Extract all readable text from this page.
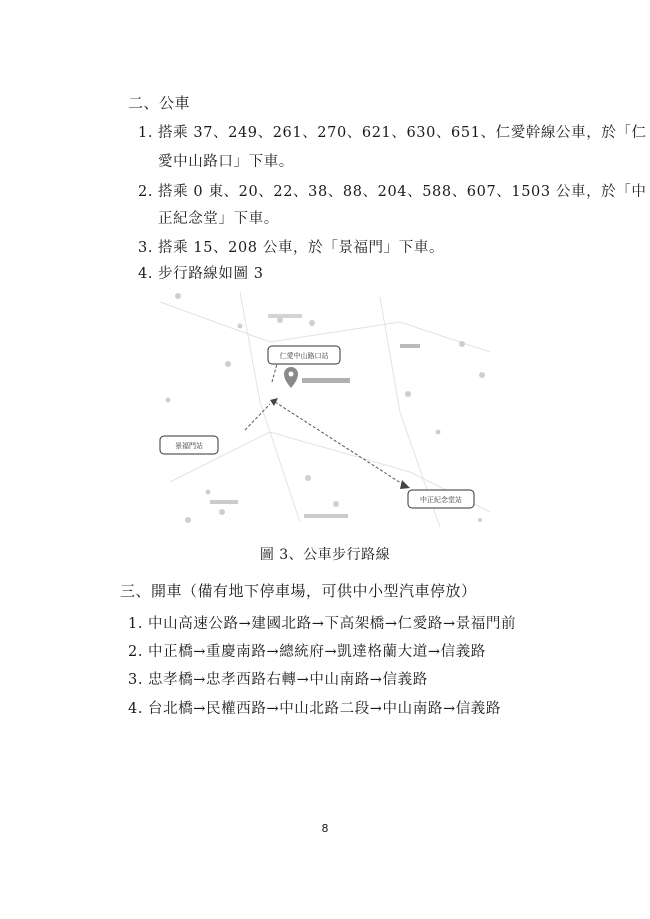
二、公車
1. 搭乘 37、249、261、270、621、630、651、仁愛幹線公車，於「仁
愛中山路口」下車。
2. 搭乘 0 東、20、22、38、88、204、588、607、1503 公車，於「中
正紀念堂」下車。
3. 搭乘 15、208 公車，於「景福門」下車。
4. 步行路線如圖 3
仁愛中山路口站
景福門站
中正紀念堂站
圖 3、公車步行路線
三、開車（備有地下停車場，可供中小型汽車停放）
1. 中山高速公路→建國北路→下高架橋→仁愛路→景福門前
2. 中正橋→重慶南路→總統府→凱達格蘭大道→信義路
3. 忠孝橋→忠孝西路右轉→中山南路→信義路
4. 台北橋→民權西路→中山北路二段→中山南路→信義路
8
